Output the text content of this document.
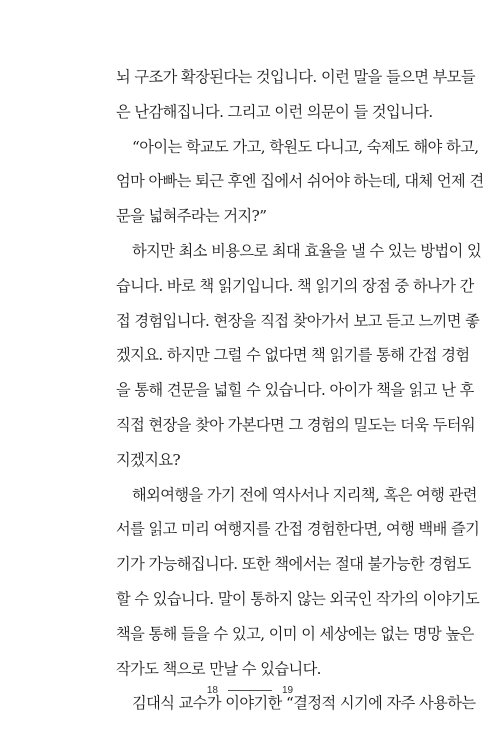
뇌 구조가 확장된다는 것입니다. 이런 말을 들으면 부모들
은 난감해집니다. 그리고 이런 의문이 들 것입니다.
“아이는 학교도 가고, 학원도 다니고, 숙제도 해야 하고,
엄마 아빠는 퇴근 후엔 집에서 쉬어야 하는데, 대체 언제 견
문을 넓혀주라는 거지?”
하지만 최소 비용으로 최대 효율을 낼 수 있는 방법이 있
습니다. 바로 책 읽기입니다. 책 읽기의 장점 중 하나가 간
접 경험입니다. 현장을 직접 찾아가서 보고 듣고 느끼면 좋
겠지요. 하지만 그럴 수 없다면 책 읽기를 통해 간접 경험
을 통해 견문을 넓힐 수 있습니다. 아이가 책을 읽고 난 후
직접 현장을 찾아 가본다면 그 경험의 밀도는 더욱 두터워
지겠지요?
해외여행을 가기 전에 역사서나 지리책, 혹은 여행 관련
서를 읽고 미리 여행지를 간접 경험한다면, 여행 백배 즐기
기가 가능해집니다. 또한 책에서는 절대 불가능한 경험도
할 수 있습니다. 말이 통하지 않는 외국인 작가의 이야기도
책을 통해 들을 수 있고, 이미 이 세상에는 없는 명망 높은
작가도 책으로 만날 수 있습니다.
김대식 교수가 이야기한 “결정적 시기에 자주 사용하는
18	19
